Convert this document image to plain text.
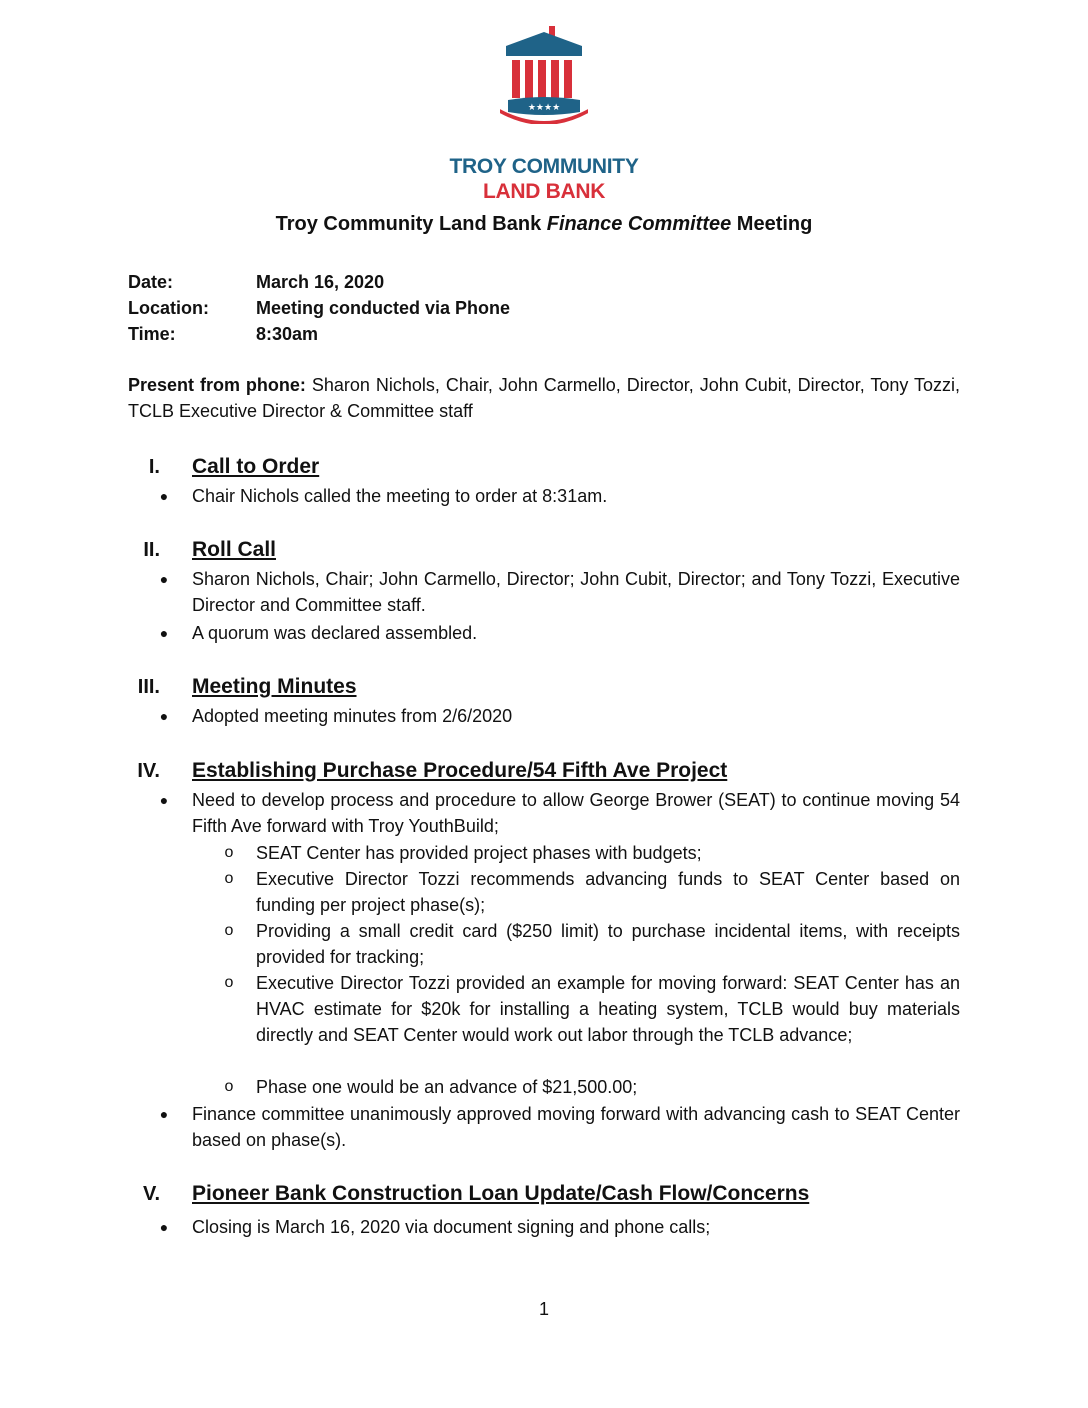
★★★★
TROY COMMUNITY
LAND BANK
Troy Community Land Bank Finance Committee Meeting
Date:	March 16, 2020
Location:	Meeting conducted via Phone
Time:	8:30am
Present from phone: Sharon Nichols, Chair, John Carmello, Director, John Cubit, Director, Tony Tozzi, TCLB Executive Director & Committee staff
I. Call to Order
● Chair Nichols called the meeting to order at 8:31am.
II. Roll Call
● Sharon Nichols, Chair; John Carmello, Director; John Cubit, Director; and Tony Tozzi, Executive Director and Committee staff.
● A quorum was declared assembled.
III. Meeting Minutes
● Adopted meeting minutes from 2/6/2020
IV. Establishing Purchase Procedure/54 Fifth Ave Project
● Need to develop process and procedure to allow George Brower (SEAT) to continue moving 54 Fifth Ave forward with Troy YouthBuild;
o SEAT Center has provided project phases with budgets;
o Executive Director Tozzi recommends advancing funds to SEAT Center based on funding per project phase(s);
o Providing a small credit card ($250 limit) to purchase incidental items, with receipts provided for tracking;
o Executive Director Tozzi provided an example for moving forward: SEAT Center has an HVAC estimate for $20k for installing a heating system, TCLB would buy materials directly and SEAT Center would work out labor through the TCLB advance;
o Phase one would be an advance of $21,500.00;
● Finance committee unanimously approved moving forward with advancing cash to SEAT Center based on phase(s).
V. Pioneer Bank Construction Loan Update/Cash Flow/Concerns
● Closing is March 16, 2020 via document signing and phone calls;
1
